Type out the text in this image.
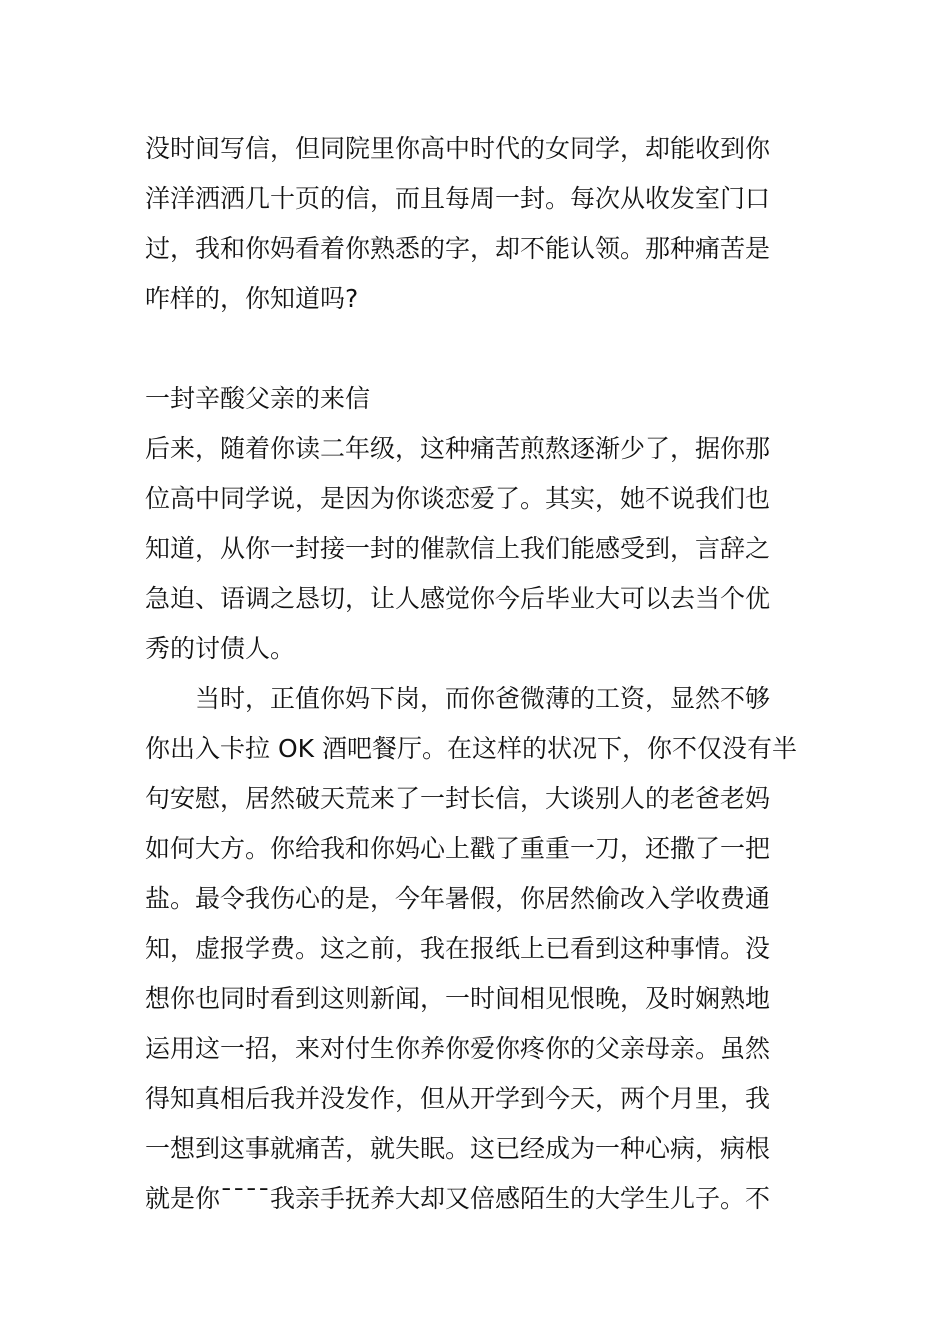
没时间写信，但同院里你高中时代的女同学，却能收到你
洋洋洒洒几十页的信，而且每周一封。每次从收发室门口
过，我和你妈看着你熟悉的字，却不能认领。那种痛苦是
咋样的，你知道吗?
一封辛酸父亲的来信
后来，随着你读二年级，这种痛苦煎熬逐渐少了，据你那
位高中同学说，是因为你谈恋爱了。其实，她不说我们也
知道，从你一封接一封的催款信上我们能感受到，言辞之
急迫、语调之恳切，让人感觉你今后毕业大可以去当个优
秀的讨债人。
当时，正值你妈下岗，而你爸微薄的工资，显然不够
你出入卡拉 OK 酒吧餐厅。在这样的状况下，你不仅没有半
句安慰，居然破天荒来了一封长信，大谈别人的老爸老妈
如何大方。你给我和你妈心上戳了重重一刀，还撒了一把
盐。最令我伤心的是，今年暑假，你居然偷改入学收费通
知，虚报学费。这之前，我在报纸上已看到这种事情。没
想你也同时看到这则新闻，一时间相见恨晚，及时娴熟地
运用这一招，来对付生你养你爱你疼你的父亲母亲。虽然
得知真相后我并没发作，但从开学到今天，两个月里，我
一想到这事就痛苦，就失眠。这已经成为一种心病，病根
就是你¯¯¯¯我亲手抚养大却又倍感陌生的大学生儿子。不
